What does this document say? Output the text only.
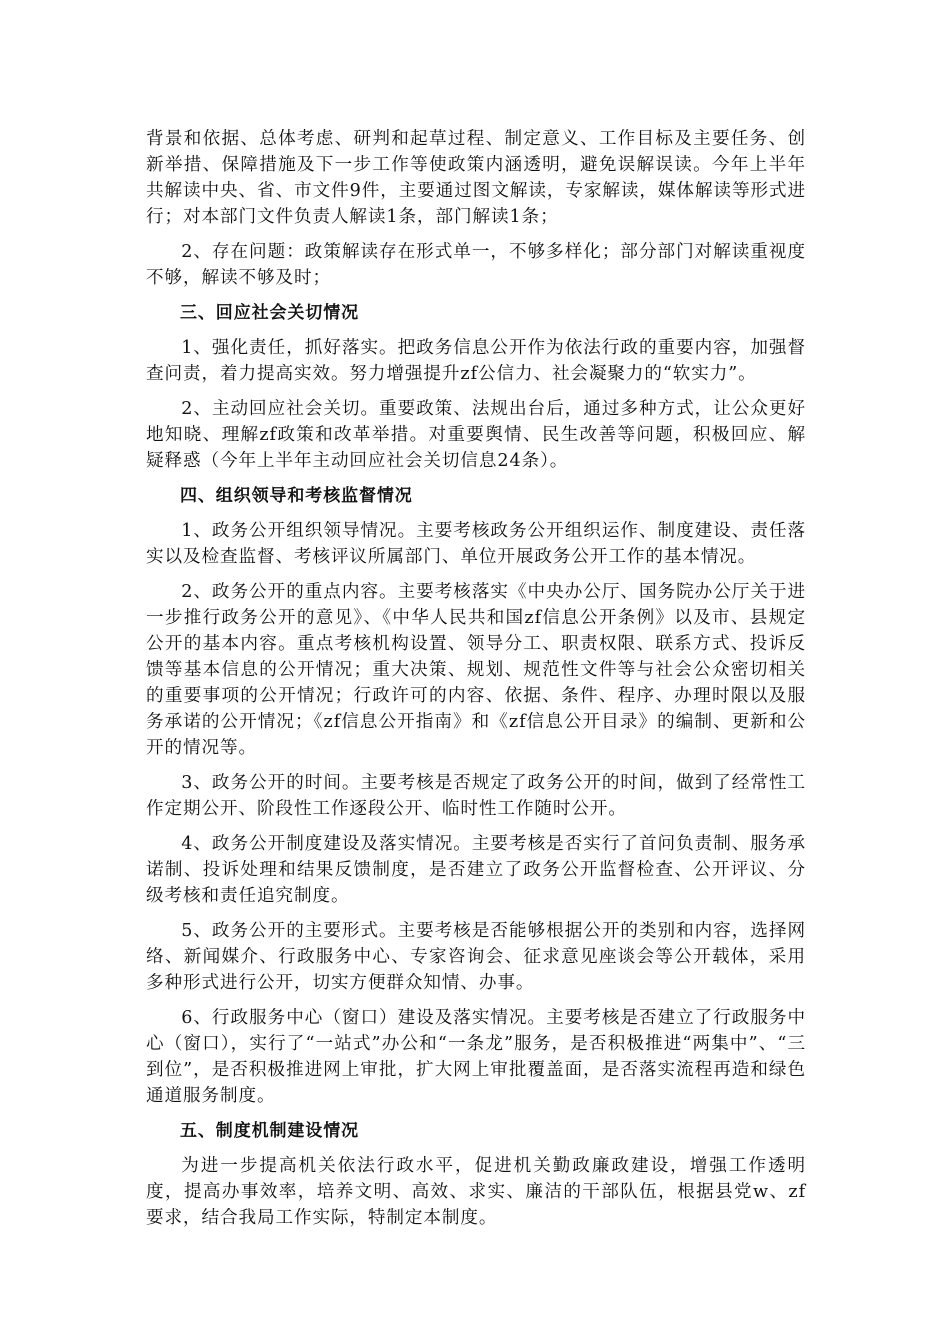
背景和依据、总体考虑、研判和起草过程、制定意义、工作目标及主要任务、创新举措、保障措施及下一步工作等使政策内涵透明，避免误解误读。今年上半年共解读中央、省、市文件9件，主要通过图文解读，专家解读，媒体解读等形式进行；对本部门文件负责人解读1条，部门解读1条；

2、存在问题：政策解读存在形式单一，不够多样化；部分部门对解读重视度不够，解读不够及时；

三、回应社会关切情况

1、强化责任，抓好落实。把政务信息公开作为依法行政的重要内容，加强督查问责，着力提高实效。努力增强提升zf公信力、社会凝聚力的“软实力”。

2、主动回应社会关切。重要政策、法规出台后，通过多种方式，让公众更好地知晓、理解zf政策和改革举措。对重要舆情、民生改善等问题，积极回应、解疑释惑（今年上半年主动回应社会关切信息24条）。

四、组织领导和考核监督情况

1、政务公开组织领导情况。主要考核政务公开组织运作、制度建设、责任落实以及检查监督、考核评议所属部门、单位开展政务公开工作的基本情况。

2、政务公开的重点内容。主要考核落实《中央办公厅、国务院办公厅关于进一步推行政务公开的意见》、《中华人民共和国zf信息公开条例》以及市、县规定公开的基本内容。重点考核机构设置、领导分工、职责权限、联系方式、投诉反馈等基本信息的公开情况；重大决策、规划、规范性文件等与社会公众密切相关的重要事项的公开情况；行政许可的内容、依据、条件、程序、办理时限以及服务承诺的公开情况；《zf信息公开指南》和《zf信息公开目录》的编制、更新和公开的情况等。

3、政务公开的时间。主要考核是否规定了政务公开的时间，做到了经常性工作定期公开、阶段性工作逐段公开、临时性工作随时公开。

4、政务公开制度建设及落实情况。主要考核是否实行了首问负责制、服务承诺制、投诉处理和结果反馈制度，是否建立了政务公开监督检查、公开评议、分级考核和责任追究制度。

5、政务公开的主要形式。主要考核是否能够根据公开的类别和内容，选择网络、新闻媒介、行政服务中心、专家咨询会、征求意见座谈会等公开载体，采用多种形式进行公开，切实方便群众知情、办事。

6、行政服务中心（窗口）建设及落实情况。主要考核是否建立了行政服务中心（窗口），实行了“一站式”办公和“一条龙”服务，是否积极推进“两集中”、“三到位”，是否积极推进网上审批，扩大网上审批覆盖面，是否落实流程再造和绿色通道服务制度。

五、制度机制建设情况

为进一步提高机关依法行政水平，促进机关勤政廉政建设，增强工作透明度，提高办事效率，培养文明、高效、求实、廉洁的干部队伍，根据县党w、zf要求，结合我局工作实际，特制定本制度。
